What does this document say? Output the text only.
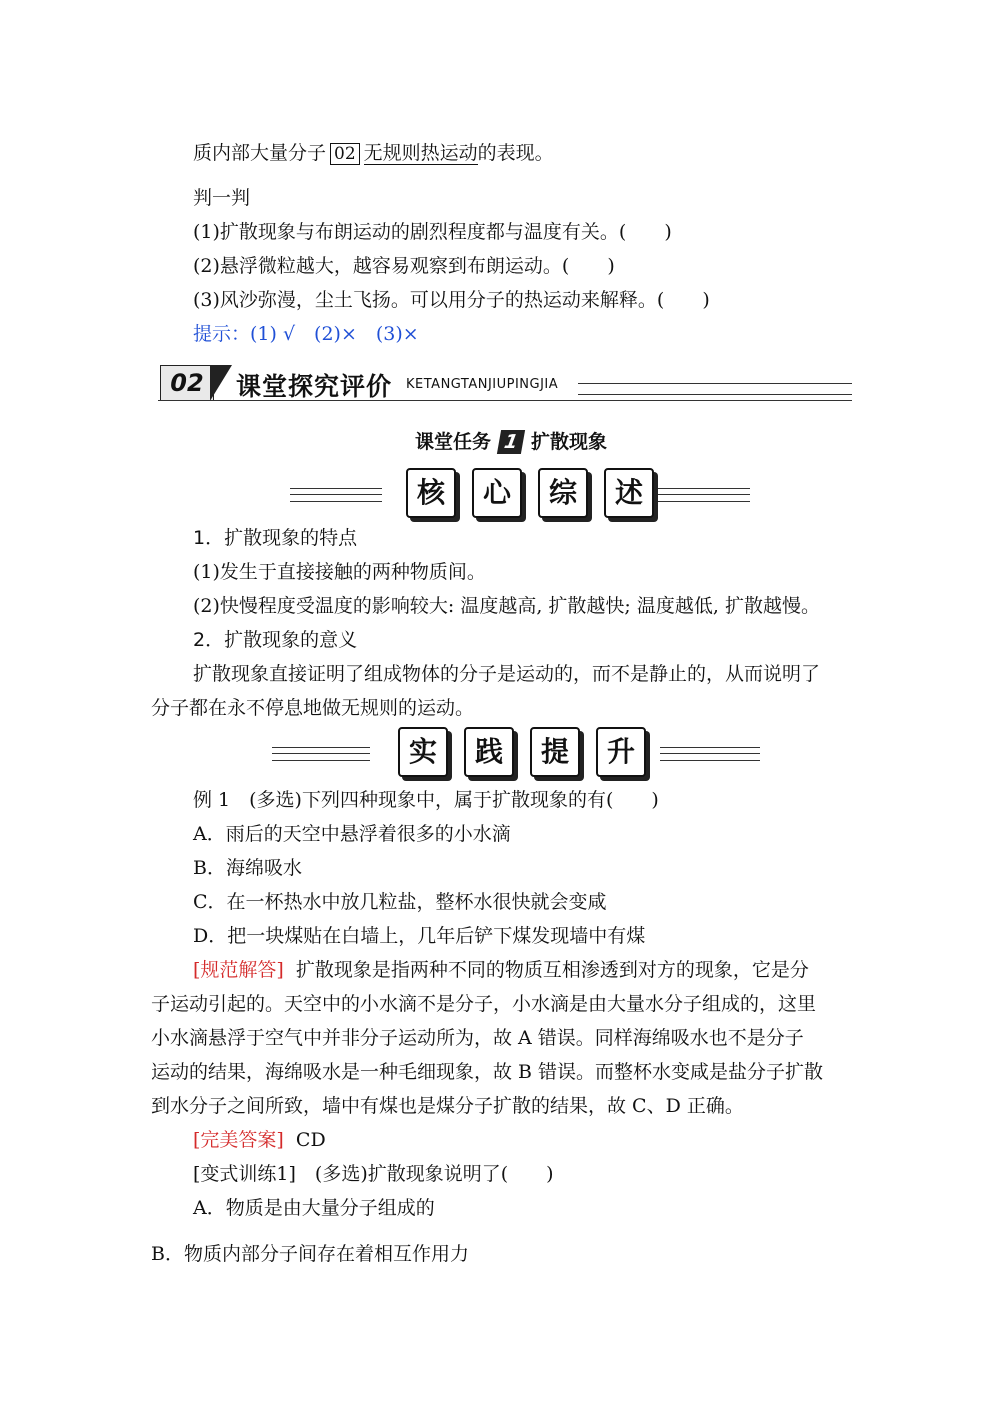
质内部大量分子 02 无规则热运动的表现。
判一判
(1)扩散现象与布朗运动的剧烈程度都与温度有关。(　　)
(2)悬浮微粒越大，越容易观察到布朗运动。(　　)
(3)风沙弥漫，尘土飞扬。可以用分子的热运动来解释。(　　)
提示：(1) √　(2)×　(3)×
02	课堂探究评价 KETANGTANJIUPINGJIA
课堂任务 1 扩散现象
核	心	综	述
1．扩散现象的特点
(1)发生于直接接触的两种物质间。
(2)快慢程度受温度的影响较大: 温度越高, 扩散越快; 温度越低, 扩散越慢。
2．扩散现象的意义
扩散现象直接证明了组成物体的分子是运动的，而不是静止的，从而说明了
分子都在永不停息地做无规则的运动。
实	践	提	升
例 1　(多选)下列四种现象中，属于扩散现象的有(　　)
A．雨后的天空中悬浮着很多的小水滴
B．海绵吸水
C．在一杯热水中放几粒盐，整杯水很快就会变咸
D．把一块煤贴在白墙上，几年后铲下煤发现墙中有煤
[规范解答] 扩散现象是指两种不同的物质互相渗透到对方的现象，它是分
子运动引起的。天空中的小水滴不是分子，小水滴是由大量水分子组成的，这里
小水滴悬浮于空气中并非分子运动所为，故 A 错误。同样海绵吸水也不是分子
运动的结果，海绵吸水是一种毛细现象，故 B 错误。而整杯水变咸是盐分子扩散
到水分子之间所致，墙中有煤也是煤分子扩散的结果，故 C、D 正确。
[完美答案] CD
[变式训练1]　(多选)扩散现象说明了(　　)
A．物质是由大量分子组成的
B．物质内部分子间存在着相互作用力
